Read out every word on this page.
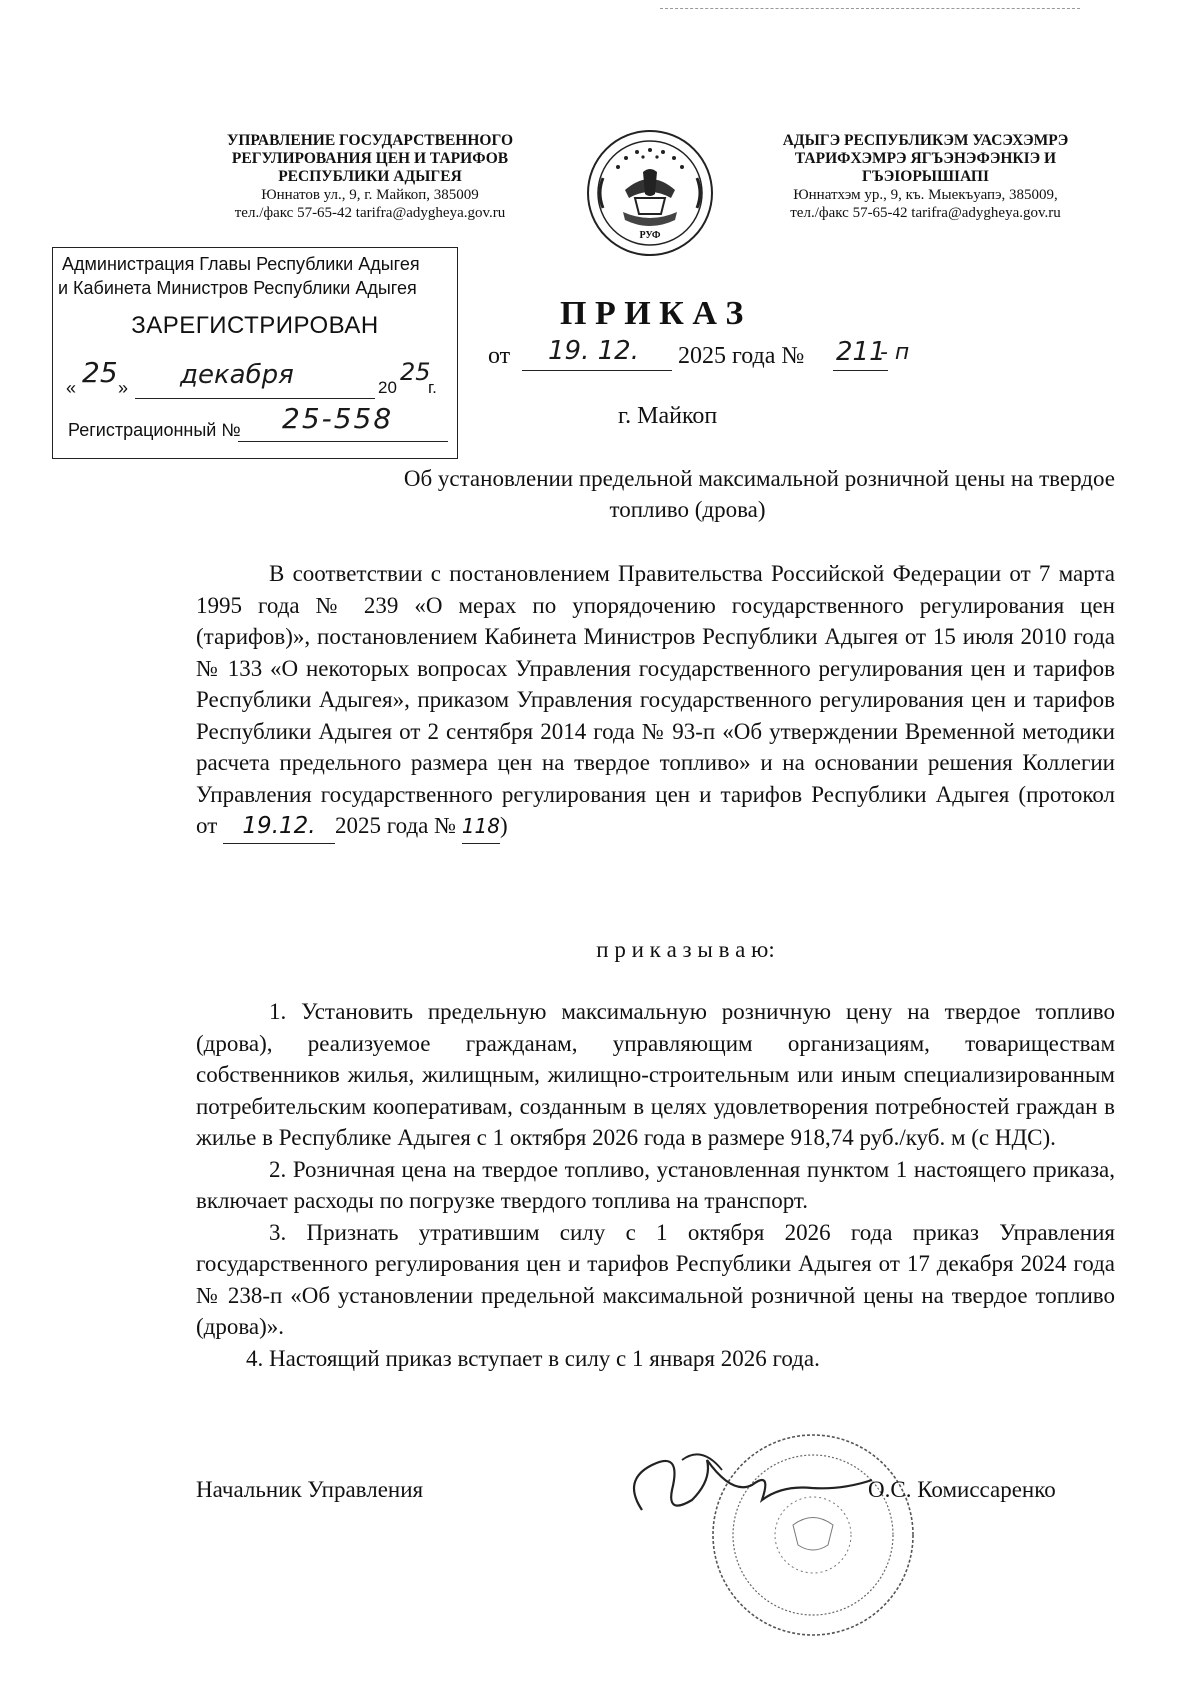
УПРАВЛЕНИЕ ГОСУДАРСТВЕННОГО
РЕГУЛИРОВАНИЯ ЦЕН И ТАРИФОВ
РЕСПУБЛИКИ АДЫГЕЯ
Юннатов ул., 9, г. Майкоп, 385009
тел./факс 57-65-42 tarifra@adygheya.gov.ru
РУФ
АДЫГЭ РЕСПУБЛИКЭМ УАСЭХЭМРЭ
ТАРИФХЭМРЭ ЯГЪЭНЭФЭНКIЭ И
ГЪЭIОРЫШIАПI
Юннатхэм ур., 9, къ. Мыекъуапэ, 385009,
тел./факс 57-65-42 tarifra@adygheya.gov.ru
Администрация Главы Республики Адыгея
и Кабинета Министров Республики Адыгея
ЗАРЕГИСТРИРОВАН
« 25 » декабря	20
25
г.
Регистрационный № 25-558
П Р И К А З
от 19. 12. 2025 года № 211
- п
г. Майкоп
Об установлении предельной максимальной розничной цены на твердое
топливо (дрова)

В соответствии с постановлением Правительства Российской Федерации от 7 марта 1995 года № 239 «О мерах по упорядочению государственного регулирования цен (тарифов)», постановлением Кабинета Министров Республики Адыгея от 15 июля 2010 года № 133 «О некоторых вопросах Управления государственного регулирования цен и тарифов Республики Адыгея», приказом Управления государственного регулирования цен и тарифов Республики Адыгея от 2 сентября 2014 года № 93-п «Об утверждении Временной методики расчета предельного размера цен на твердое топливо» и на основании решения Коллегии Управления государственного регулирования цен и тарифов Республики Адыгея (протокол от 19.12. 2025 года № 118)

п р и к а з ы в а ю:

1. Установить предельную максимальную розничную цену на твердое топливо (дрова), реализуемое гражданам, управляющим организациям, товариществам собственников жилья, жилищным, жилищно-строительным или иным специализированным потребительским кооперативам, созданным в целях удовлетворения потребностей граждан в жилье в Республике Адыгея с 1 октября 2026 года в размере 918,74 руб./куб. м (с НДС).

2. Розничная цена на твердое топливо, установленная пунктом 1 настоящего приказа, включает расходы по погрузке твердого топлива на транспорт.

3. Признать утратившим силу с 1 октября 2026 года приказ Управления государственного регулирования цен и тарифов Республики Адыгея от 17 декабря 2024 года № 238-п «Об установлении предельной максимальной розничной цены на твердое топливо (дрова)».

4. Настоящий приказ вступает в силу с 1 января 2026 года.

Начальник Управления	О.С. Комиссаренко
